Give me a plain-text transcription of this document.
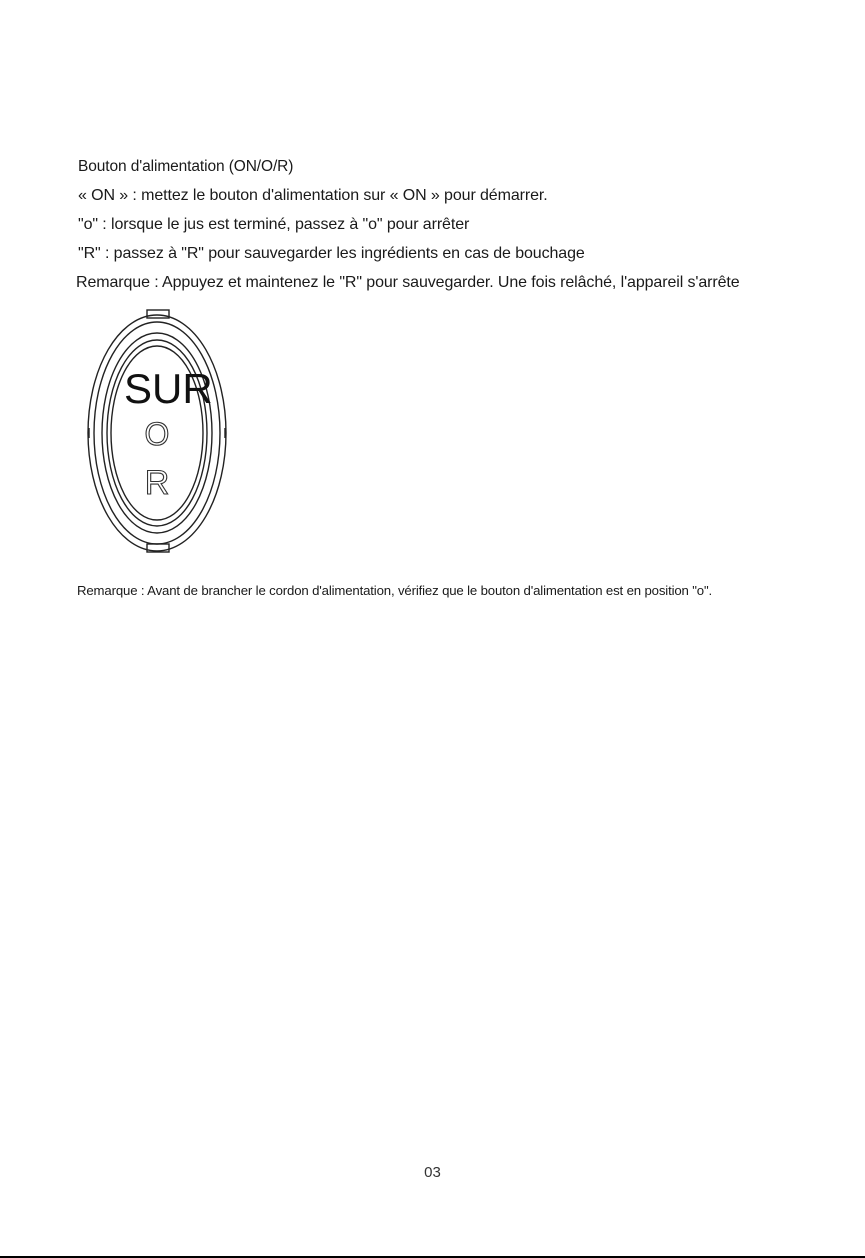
Bouton d'alimentation (ON/O/R)
« ON » : mettez le bouton d'alimentation sur « ON » pour démarrer.
"o" : lorsque le jus est terminé, passez à "o" pour arrêter
"R" : passez à "R" pour sauvegarder les ingrédients en cas de bouchage
Remarque : Appuyez et maintenez le "R" pour sauvegarder. Une fois relâché, l'appareil s'arrête
SUR
O
R
Remarque : Avant de brancher le cordon d'alimentation, vérifiez que le bouton d'alimentation est en position "o".
03
